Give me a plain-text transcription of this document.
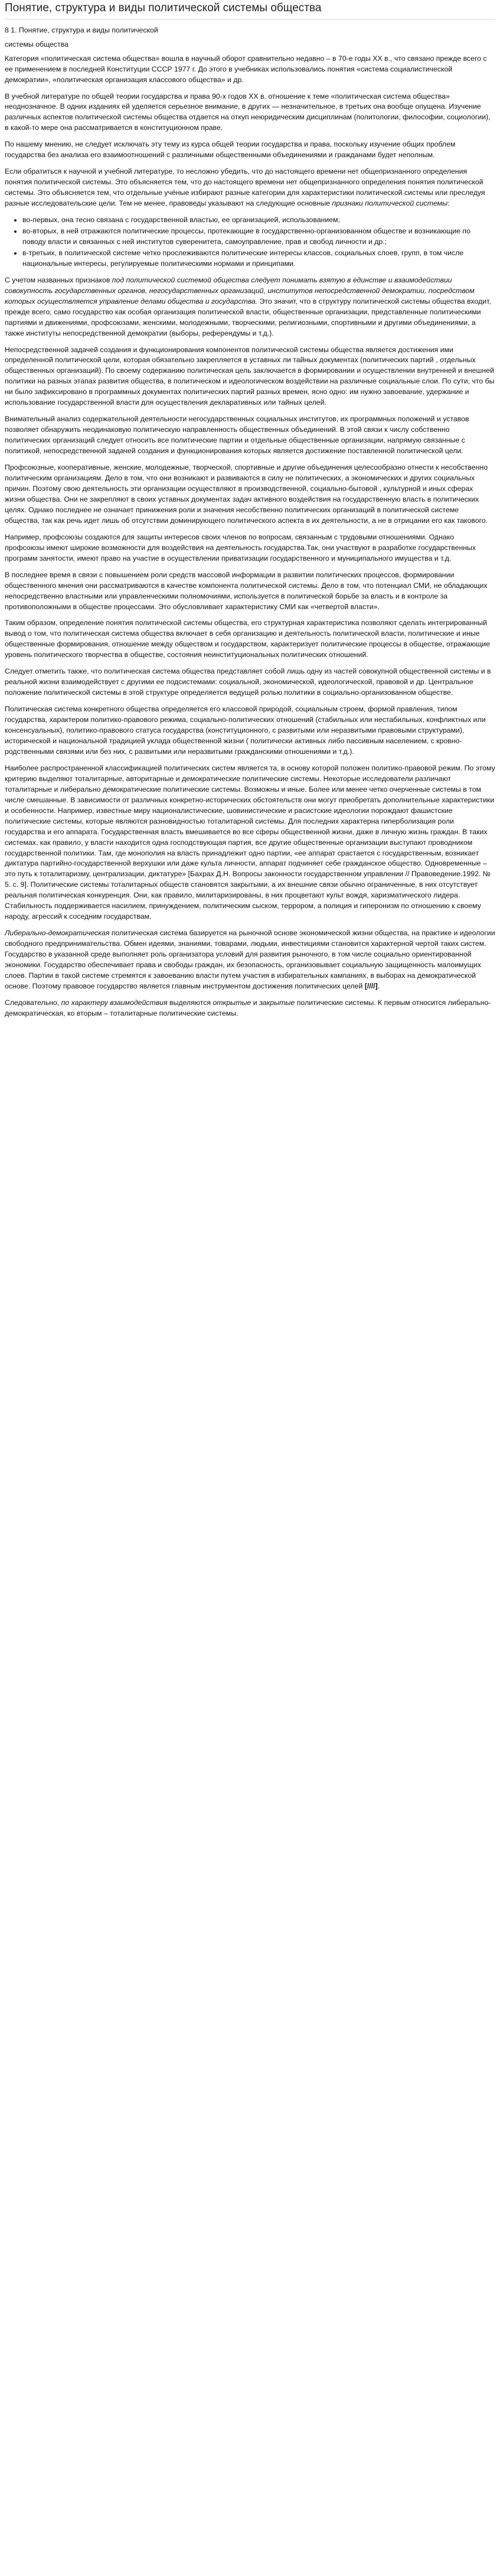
Понятие, структура и виды политической системы общества

8 1. Понятие, структура и виды политической

системы общества

Категория «политическая система общества» вошла в научный оборот сравнительно недавно – в 70-е годы XX в., что связано прежде всего с ее применением в последней Конституции СССР 1977 г. До этого в учебниках использовались понятия «система социалистической демократии», «политическая организация классового общества» и др.

В учебной литературе по общей теории государства и права 90-х годов XX в. отношение к теме «политическая система общества» неоднозначное. В одних изданиях ей уделяется серьезное внимание, в других — незначительное, в третьих она вообще опущена. Изучение различных аспектов политической системы общества отдается на откуп неюридическим дисциплинам (политологии, философии, социологии), в какой-то мере она рассматривается в конституционном праве.

По нашему мнению, не следует исключать эту тему из курса общей теории государства и права, поскольку изучение общих проблем государства без анализа его взаимоотношений с различными общественными объединениями и гражданами будет неполным.

Если обратиться к научной и учебной литературе, то несложно убедить, что до настоящего времени нет общепризнанного определения понятия политической системы. Это объясняется тем, что до настоящего времени нет общепризнанного определения понятия политической системы. Это объясняется тем, что отдельные учёные избирают разные категории для характеристики политической системы или преследуя разные исследовательские цели. Тем не менее, правоведы указывают на следующие основные признаки политической системы:

• во-первых, она тесно связана с государственной властью, ее организацией, использованием;
• во-вторых, в ней отражаются политические процессы, протекающие в государственно-организованном обществе и возникающие по поводу власти и связанных с ней институтов суверенитета, самоуправление, прав и свобод личности и др.;
• в-третьих, в политической системе четко прослеживаются политические интересы классов, социальных слоев, групп, в том числе национальные интересы, регулируемые политическими нормами и принципами.

С учетом названных признаков под политической системой общества следует понимать взятую в единстве и взаимодействии совокупность государственных органов, негосударственных организаций, институтов непосредственной демократии, посредством которых осуществляется управление делами общества и государства. Это значит, что в структуру политической системы общества входит, прежде всего, само государство как особая организация политической власти, общественные организации, представленные политическими партиями и движениями, профсоюзами, женскими, молодежными, творческими, религиозными, спортивными и другими объединениями, а также институты непосредственной демократии (выборы, референдумы и т.д.).

Непосредственной задачей создания и функционирования компонентов политической системы общества является достижения ими определенной политической цели, которая обязательно закрепляется в уставных ли тайных документах (политических партий , отдельных общественных организаций). По своему содержанию политическая цель заключается в формировании и осуществлении внутренней и внешней политики на разных этапах развития общества, в политическом и идеологическом воздействии на различные социальные слои. По сути, что бы ни было зафиксировано в программных документах политических партий разных времен, ясно одно: им нужно завоевание, удержание и использование государственной власти для осуществления декларативных или тайных целей.

Внимательный анализ содержательной деятельности негосударственных социальных институтов, их программных положений и уставов позволяет обнаружить неодинаковую политическую направленность общественных объединений. В этой связи к числу собственно политических организаций следует относить все политические партии и отдельные общественные организации, напрямую связанные с политикой, непосредственной задачей создания и функционирования которых является достижение поставленной политической цели.

Профсоюзные, кооперативные, женские, молодежные, творческой, спортивные и другие объединения целесообразно отнести к несобственно политическим организациям. Дело в том, что они возникают и развиваются в силу не политических, а экономических и других социальных причин. Поэтому свою деятельность эти организации осуществляют в производственной, социально-бытовой , культурной и иных сферах жизни общества. Они не закрепляют в своих уставных документах задач активного воздействия на государственную власть в политических целях. Однако последнее не означает принижения роли и значения несобственно политических организаций в политической системе общества, так как речь идет лишь об отсутствии доминирующего политического аспекта в их деятельности, а не в отрицании его как такового.

Например, профсоюзы создаются для защиты интересов своих членов по вопросам, связанным с трудовыми отношениями. Однако профсоюзы имеют широкие возможности для воздействия на деятельность государства.Так, они участвуют в разработке государственных программ занятости, имеют право на участие в осуществлении приватизации государственного и муниципального имущества и т.д.

В последнее время в связи с повышением роли средств массовой информации в развитии политических процессов, формировании общественного мнения они рассматриваются в качестве компонента политической системы. Дело в том, что потенциал СМИ, не обладающих непосредственно властными или управленческими полномочиями, используется в политической борьбе за власть и в контроле за противоположными в обществе процессами. Это обусловливает характеристику СМИ как «четвертой власти».

Таким образом, определение понятия политической системы общества, его структурная характеристика позволяют сделать интегрированный вывод о том, что политическая система общества включает в себя организацию и деятельность политической власти, политические и иные общественные формирования, отношение между обществом и государством, характеризует политические процессы в обществе, отражающие уровень политического творчества в обществе, состояния неинституциональных политических отношений.

Следует отметить также, что политическая система общества представляет собой лишь одну из частей совокупной общественной системы и в реальной жизни взаимодействует с другими ее подсистемами: социальной, экономической, идеологической, правовой и др. Центральное положение политической системы в этой структуре определяется ведущей ролью политики в социально-организованном обществе.

Политическая система конкретного общества определяется его классовой природой, социальным строем, формой правления, типом государства, характером политико-правового режима, социально-политических отношений (стабильных или нестабильных, конфликтных или консенсуальных), политико-правового статуса государства (конституционного, с развитыми или неразвитыми правовыми структурами), исторической и национальной традицией уклада общественной жизни ( политически активных либо пассивным населением, с кровно-родственными связями или без них, с развитыми или неразвитыми гражданскими отношениями и т.д.).

Наиболее распространенной классификацией политических систем является та, в основу которой положен политико-правовой режим. По этому критерию выделяют тоталитарные, авторитарные и демократические политические системы. Некоторые исследователи различают тоталитарные и либерально демократические политические системы. Возможны и иные. Более или менее четко очерченные системы в том числе смешанные. В зависимости от различных конкретно-исторических обстоятельств они могут приобретать дополнительные характеристики и особенности. Например, известные миру националистические, шовинистические и расистские идеологии порождают фашистские политические системы, которые являются разновидностью тоталитарной системы. Для последних характерна гиперболизация роли государства и его аппарата. Государственная власть вмешивается во все сферы общественной жизни, даже в личную жизнь граждан. В таких системах, как правило, у власти находится одна господствующая партия, все другие общественные организации выступают проводником государственной политики. Там, где монополия на власть принадлежит одно партии, «ее аппарат срастается с государственным, возникает диктатура партийно-государственной верхушки или даже культа личности, аппарат подчиняет себе гражданское общество. Одновременные – это путь к тоталитаризму, централизации, диктатуре» [Бахрах Д.Н. Вопросы законности государственном управлении // Правоведение.1992. № 5. с. 9]. Политические системы тоталитарных обществ становятся закрытыми, а их внешние связи обычно ограниченные, в них отсутствует реальная политическая конкуренция. Они, как правило, милитаризированы, в них процветают культ вождя, харизматического лидера. Стабильность поддерживается насилием, принуждением, политическим сыском, террором, а полиция и гиперонизм по отношению к своему народу, агрессий к соседним государствам.

Либерально-демократическая политическая система базируется на рыночной основе экономической жизни общества, на практике и идеологии свободного предпринимательства. Обмен идеями, знаниями, товарами, людьми, инвестициями становится характерной чертой таких систем. Государство в указанной среде выполняет роль организатора условий для развития рыночного, в том числе социально ориентированной экономики. Государство обеспечивает права и свободы граждан, их безопасность, организовывает социальную защищенность малоимущих слоев. Партии в такой системе стремятся к завоеванию власти путем участия в избирательных кампаниях, в выборах на демократической основе. Поэтому правовое государство является главным инструментом достижения политических целей [////].

Следовательно, по характеру взаимодействия выделяются открытые и закрытые политические системы. К первым относится либерально-демократическая, ко вторым – тоталитарные политические системы.
